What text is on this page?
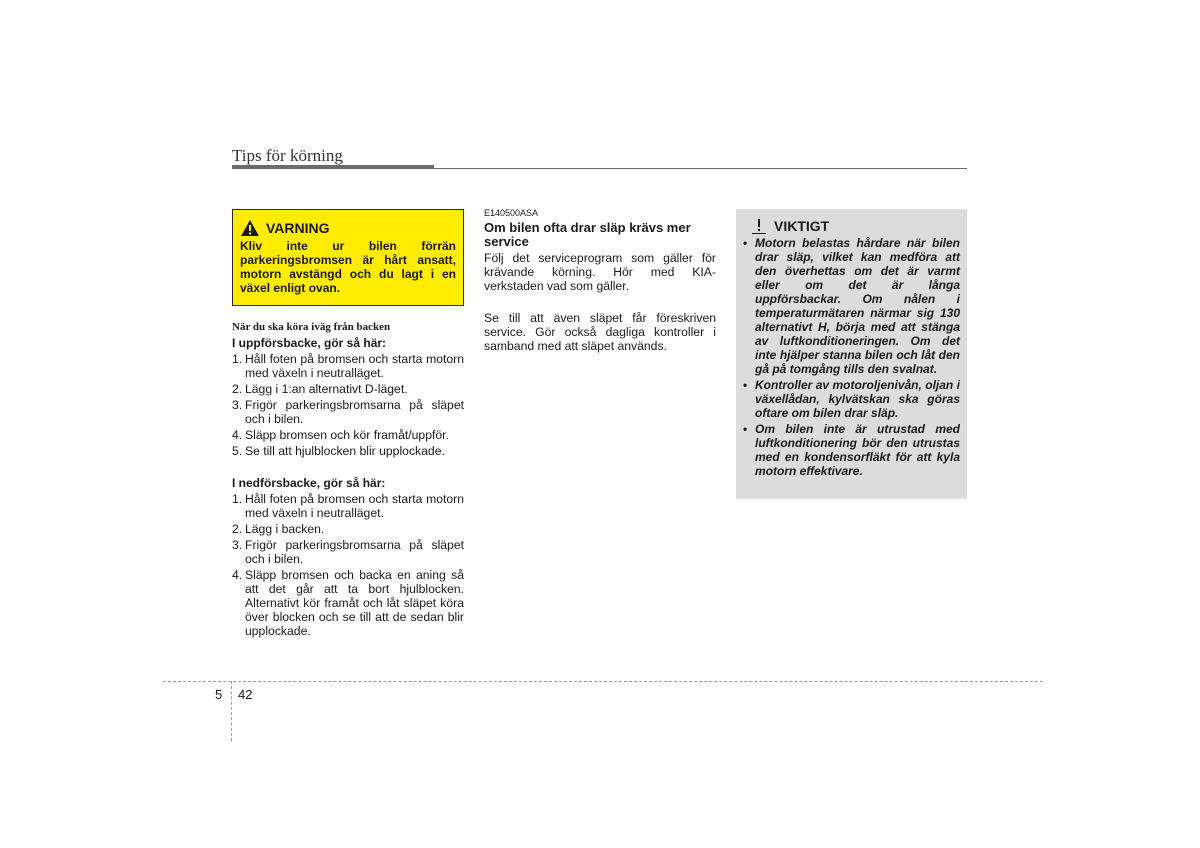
Tips för körning
VARNING
Kliv inte ur bilen förrän parkeringsbromsen är hårt ansatt, motorn avstängd och du lagt i en växel enligt ovan.
När du ska köra iväg från backen
I uppförsbacke, gör så här:
1. Håll foten på bromsen och starta motorn med växeln i neutralläget.
2. Lägg i 1:an alternativt D-läget.
3. Frigör parkeringsbromsarna på släpet och i bilen.
4. Släpp bromsen och kör framåt/uppför.
5. Se till att hjulblocken blir upplockade.
I nedförsbacke, gör så här:
1. Håll foten på bromsen och starta motorn med växeln i neutralläget.
2. Lägg i backen.
3. Frigör parkeringsbromsarna på släpet och i bilen.
4. Släpp bromsen och backa en aning så att det går att ta bort hjulblocken. Alternativt kör framåt och låt släpet köra över blocken och se till att de sedan blir upplockade.
E140500ASA
Om bilen ofta drar släp krävs mer service
Följ det serviceprogram som gäller för krävande körning. Hör med KIA-verkstaden vad som gäller.
Se till att även släpet får föreskriven service. Gör också dagliga kontroller i samband med att släpet används.
VIKTIGT
• Motorn belastas hårdare när bilen drar släp, vilket kan medföra att den överhettas om det är varmt eller om det är långa uppförsbackar. Om nålen i temperaturmätaren närmar sig 130 alternativt H, börja med att stänga av luftkonditioneringen. Om det inte hjälper stanna bilen och låt den gå på tomgång tills den svalnat.
• Kontroller av motoroljenivån, oljan i växellådan, kylvätskan ska göras oftare om bilen drar släp.
• Om bilen inte är utrustad med luftkonditionering bör den utrustas med en kondensorfläkt för att kyla motorn effektivare.
5 42
